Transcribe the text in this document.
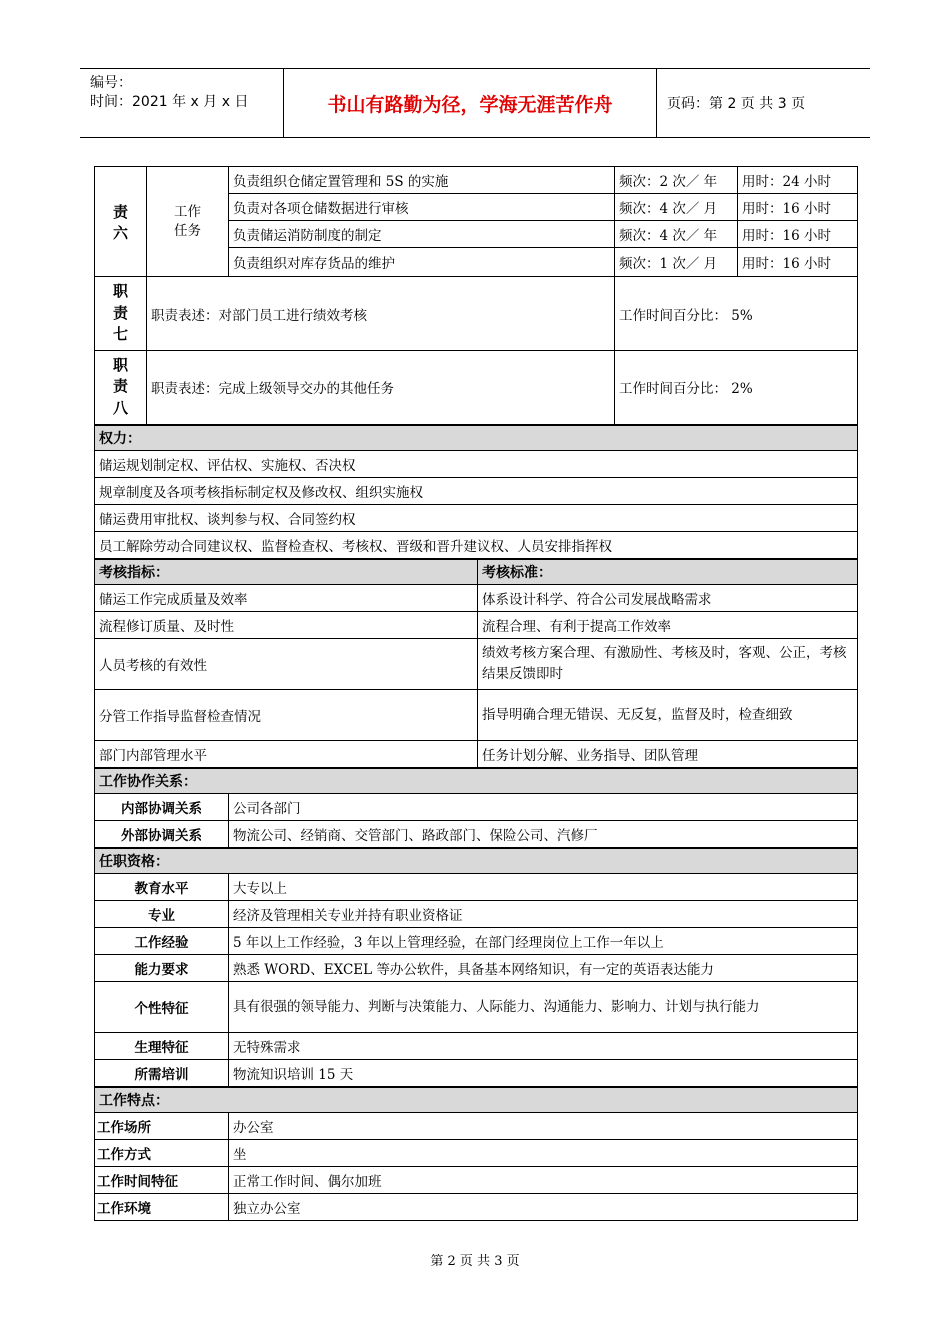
编号：
时间：2021 年 x 月 x 日	书山有路勤为径，学海无涯苦作舟	页码：第 2 页 共 3 页
责
六	工作
任务	负责组织仓储定置管理和 5S 的实施		频次：2 次／ 年	用时：24 小时
		负责对各项仓储数据进行审核		频次：4 次／ 月	用时：16 小时
		负责储运消防制度的制定		频次：4 次／ 年	用时：16 小时
		负责组织对库存货品的维护		频次：1 次／ 月	用时：16 小时
职
责
七	职责表述：对部门员工进行绩效考核			工作时间百分比： 5%	
职
责
八	职责表述：完成上级领导交办的其他任务			工作时间百分比： 2%	
权力：					
储运规划制定权、评估权、实施权、否决权					
规章制度及各项考核指标制定权及修改权、组织实施权					
储运费用审批权、谈判参与权、合同签约权					
员工解除劳动合同建议权、监督检查权、考核权、晋级和晋升建议权、人员安排指挥权					
考核指标：			考核标准：		
储运工作完成质量及效率			体系设计科学、符合公司发展战略需求		
流程修订质量、及时性			流程合理、有利于提高工作效率		
人员考核的有效性			绩效考核方案合理、有激励性、考核及时，客观、公正，考核结果反馈即时		
分管工作指导监督检查情况			指导明确合理无错误、无反复，监督及时，检查细致		
部门内部管理水平			任务计划分解、业务指导、团队管理		
工作协作关系：					
内部协调关系		公司各部门			
外部协调关系		物流公司、经销商、交管部门、路政部门、保险公司、汽修厂			
任职资格：					
教育水平		大专以上			
专业		经济及管理相关专业并持有职业资格证			
工作经验		5 年以上工作经验，3 年以上管理经验，在部门经理岗位上工作一年以上			
能力要求		熟悉 WORD、EXCEL 等办公软件，具备基本网络知识，有一定的英语表达能力			
个性特征		具有很强的领导能力、判断与决策能力、人际能力、沟通能力、影响力、计划与执行能力			
生理特征		无特殊需求			
所需培训		物流知识培训 15 天			
工作特点：					
工作场所		办公室			
工作方式		坐			
工作时间特征		正常工作时间、偶尔加班			
工作环境		独立办公室			
第 2 页 共 3 页
